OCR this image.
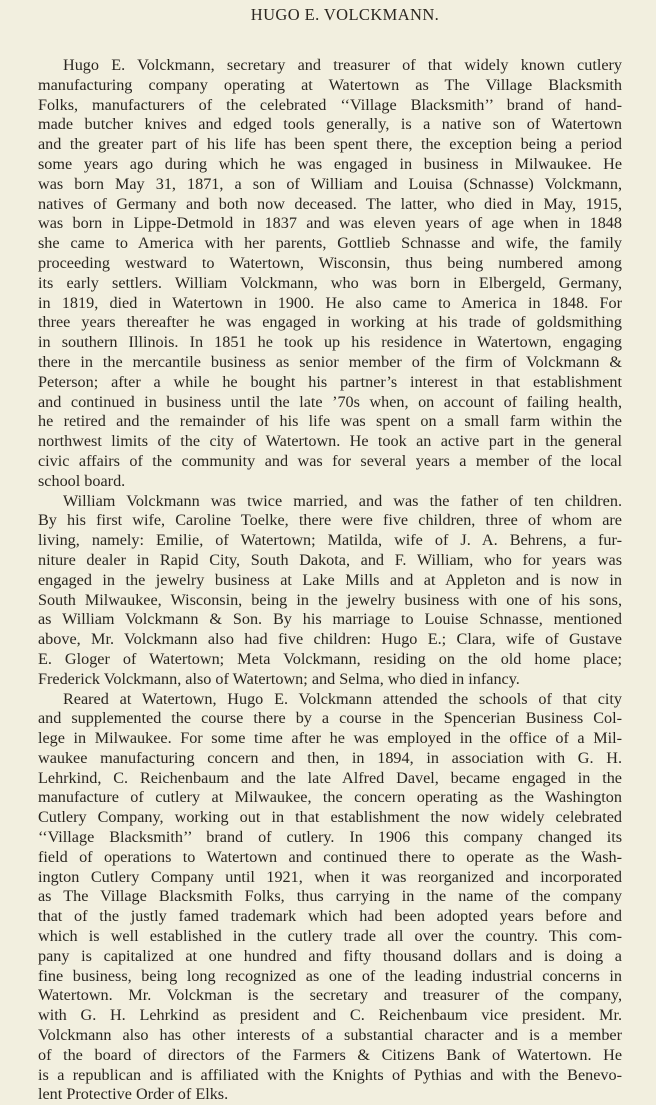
HUGO E. VOLCKMANN.
Hugo E. Volckmann, secretary and treasurer of that widely known cutlery
manufacturing company operating at Watertown as The Village Blacksmith
Folks, manufacturers of the celebrated ‘‘Village Blacksmith’’ brand of hand-
made butcher knives and edged tools generally, is a native son of Watertown
and the greater part of his life has been spent there, the exception being a period
some years ago during which he was engaged in business in Milwaukee. He
was born May 31, 1871, a son of William and Louisa (Schnasse) Volckmann,
natives of Germany and both now deceased. The latter, who died in May, 1915,
was born in Lippe-Detmold in 1837 and was eleven years of age when in 1848
she came to America with her parents, Gottlieb Schnasse and wife, the family
proceeding westward to Watertown, Wisconsin, thus being numbered among
its early settlers. William Volckmann, who was born in Elbergeld, Germany,
in 1819, died in Watertown in 1900. He also came to America in 1848. For
three years thereafter he was engaged in working at his trade of goldsmithing
in southern Illinois. In 1851 he took up his residence in Watertown, engaging
there in the mercantile business as senior member of the firm of Volckmann &
Peterson; after a while he bought his partner’s interest in that establishment
and continued in business until the late ’70s when, on account of failing health,
he retired and the remainder of his life was spent on a small farm within the
northwest limits of the city of Watertown. He took an active part in the general
civic affairs of the community and was for several years a member of the local
school board.
William Volckmann was twice married, and was the father of ten children.
By his first wife, Caroline Toelke, there were five children, three of whom are
living, namely: Emilie, of Watertown; Matilda, wife of J. A. Behrens, a fur-
niture dealer in Rapid City, South Dakota, and F. William, who for years was
engaged in the jewelry business at Lake Mills and at Appleton and is now in
South Milwaukee, Wisconsin, being in the jewelry business with one of his sons,
as William Volckmann & Son. By his marriage to Louise Schnasse, mentioned
above, Mr. Volckmann also had five children: Hugo E.; Clara, wife of Gustave
E. Gloger of Watertown; Meta Volckmann, residing on the old home place;
Frederick Volckmann, also of Watertown; and Selma, who died in infancy.
Reared at Watertown, Hugo E. Volckmann attended the schools of that city
and supplemented the course there by a course in the Spencerian Business Col-
lege in Milwaukee. For some time after he was employed in the office of a Mil-
waukee manufacturing concern and then, in 1894, in association with G. H.
Lehrkind, C. Reichenbaum and the late Alfred Davel, became engaged in the
manufacture of cutlery at Milwaukee, the concern operating as the Washington
Cutlery Company, working out in that establishment the now widely celebrated
‘‘Village Blacksmith’’ brand of cutlery. In 1906 this company changed its
field of operations to Watertown and continued there to operate as the Wash-
ington Cutlery Company until 1921, when it was reorganized and incorporated
as The Village Blacksmith Folks, thus carrying in the name of the company
that of the justly famed trademark which had been adopted years before and
which is well established in the cutlery trade all over the country. This com-
pany is capitalized at one hundred and fifty thousand dollars and is doing a
fine business, being long recognized as one of the leading industrial concerns in
Watertown. Mr. Volckman is the secretary and treasurer of the company,
with G. H. Lehrkind as president and C. Reichenbaum vice president. Mr.
Volckmann also has other interests of a substantial character and is a member
of the board of directors of the Farmers & Citizens Bank of Watertown. He
is a republican and is affiliated with the Knights of Pythias and with the Benevo-
lent Protective Order of Elks.
